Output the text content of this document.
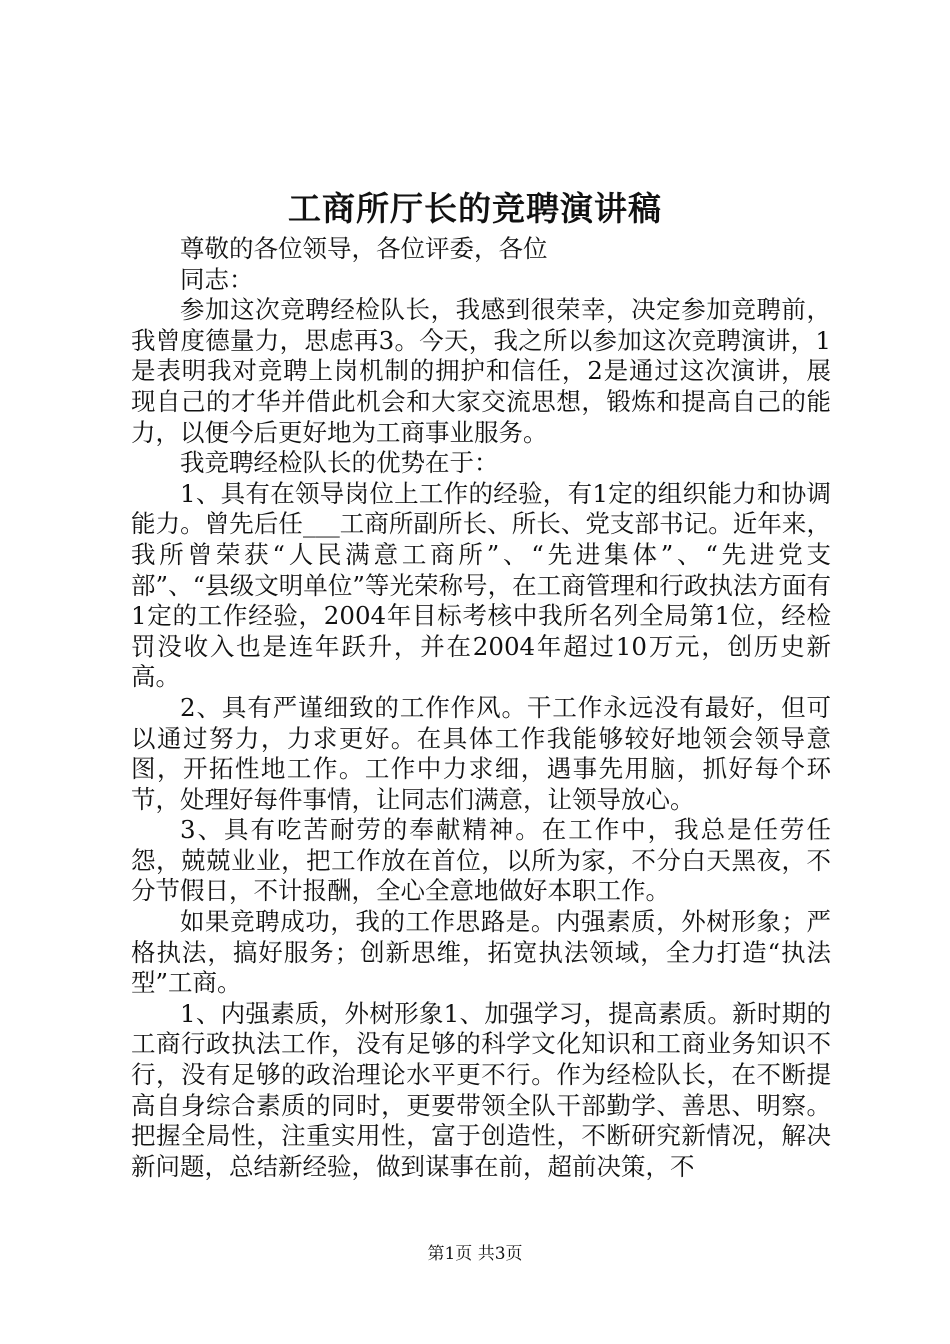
工商所厅长的竞聘演讲稿

尊敬的各位领导，各位评委，各位

同志：

参加这次竞聘经检队长，我感到很荣幸，决定参加竞聘前，我曾度德量力，思虑再3。今天，我之所以参加这次竞聘演讲，1是表明我对竞聘上岗机制的拥护和信任，2是通过这次演讲，展现自己的才华并借此机会和大家交流思想，锻炼和提高自己的能力，以便今后更好地为工商事业服务。

我竞聘经检队长的优势在于：

1、具有在领导岗位上工作的经验，有1定的组织能力和协调能力。曾先后任___工商所副所长、所长、党支部书记。近年来，我所曾荣获“人民满意工商所”、“先进集体”、“先进党支部”、“县级文明单位”等光荣称号，在工商管理和行政执法方面有1定的工作经验，2004年目标考核中我所名列全局第1位，经检罚没收入也是连年跃升，并在2004年超过10万元，创历史新高。

2、具有严谨细致的工作作风。干工作永远没有最好，但可以通过努力，力求更好。在具体工作我能够较好地领会领导意图，开拓性地工作。工作中力求细，遇事先用脑，抓好每个环节，处理好每件事情，让同志们满意，让领导放心。

3、具有吃苦耐劳的奉献精神。在工作中，我总是任劳任怨，兢兢业业，把工作放在首位，以所为家，不分白天黑夜，不分节假日，不计报酬，全心全意地做好本职工作。

如果竞聘成功，我的工作思路是。内强素质，外树形象；严格执法，搞好服务；创新思维，拓宽执法领域，全力打造“执法型”工商。

1、内强素质，外树形象1、加强学习，提高素质。新时期的工商行政执法工作，没有足够的科学文化知识和工商业务知识不行，没有足够的政治理论水平更不行。作为经检队长，在不断提高自身综合素质的同时，更要带领全队干部勤学、善思、明察。把握全局性，注重实用性，富于创造性，不断研究新情况，解决新问题，总结新经验，做到谋事在前，超前决策，不

第1页 共3页
